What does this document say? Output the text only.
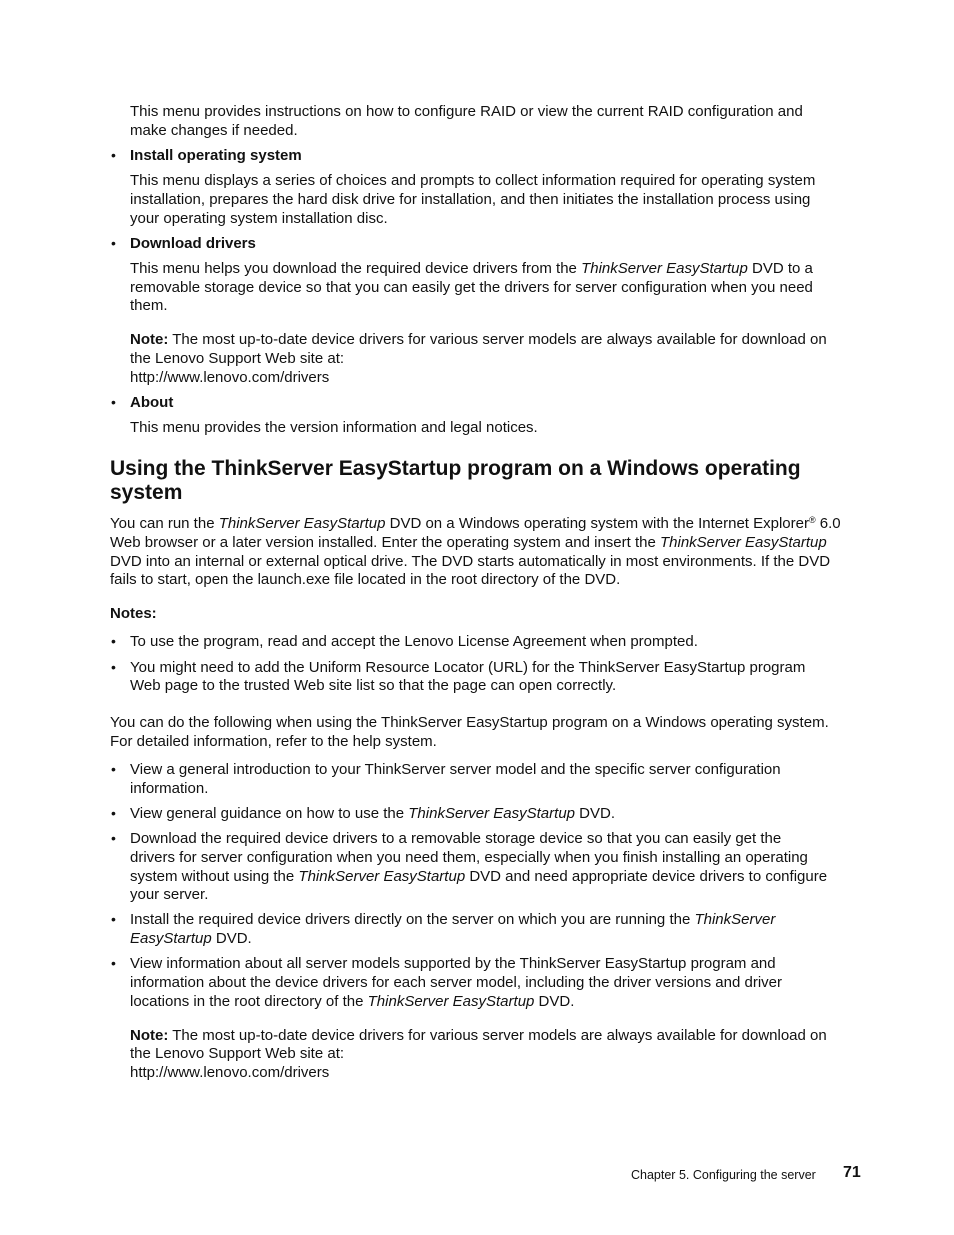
This menu provides instructions on how to configure RAID or view the current RAID configuration and
make changes if needed.
• Install operating system
This menu displays a series of choices and prompts to collect information required for operating system
installation, prepares the hard disk drive for installation, and then initiates the installation process using
your operating system installation disc.
• Download drivers
This menu helps you download the required device drivers from the ThinkServer EasyStartup DVD to a
removable storage device so that you can easily get the drivers for server configuration when you need
them.
Note: The most up-to-date device drivers for various server models are always available for download on
the Lenovo Support Web site at:
http://www.lenovo.com/drivers
• About
This menu provides the version information and legal notices.
Using the ThinkServer EasyStartup program on a Windows operating
system
You can run the ThinkServer EasyStartup DVD on a Windows operating system with the Internet Explorer® 6.0
Web browser or a later version installed. Enter the operating system and insert the ThinkServer EasyStartup
DVD into an internal or external optical drive. The DVD starts automatically in most environments. If the DVD
fails to start, open the launch.exe file located in the root directory of the DVD.
Notes:
• To use the program, read and accept the Lenovo License Agreement when prompted.
• You might need to add the Uniform Resource Locator (URL) for the ThinkServer EasyStartup program
Web page to the trusted Web site list so that the page can open correctly.
You can do the following when using the ThinkServer EasyStartup program on a Windows operating system.
For detailed information, refer to the help system.
• View a general introduction to your ThinkServer server model and the specific server configuration
information.
• View general guidance on how to use the ThinkServer EasyStartup DVD.
• Download the required device drivers to a removable storage device so that you can easily get the
drivers for server configuration when you need them, especially when you finish installing an operating
system without using the ThinkServer EasyStartup DVD and need appropriate device drivers to configure
your server.
• Install the required device drivers directly on the server on which you are running the ThinkServer
EasyStartup DVD.
• View information about all server models supported by the ThinkServer EasyStartup program and
information about the device drivers for each server model, including the driver versions and driver
locations in the root directory of the ThinkServer EasyStartup DVD.
Note: The most up-to-date device drivers for various server models are always available for download on
the Lenovo Support Web site at:
http://www.lenovo.com/drivers
Chapter 5. Configuring the server 71
